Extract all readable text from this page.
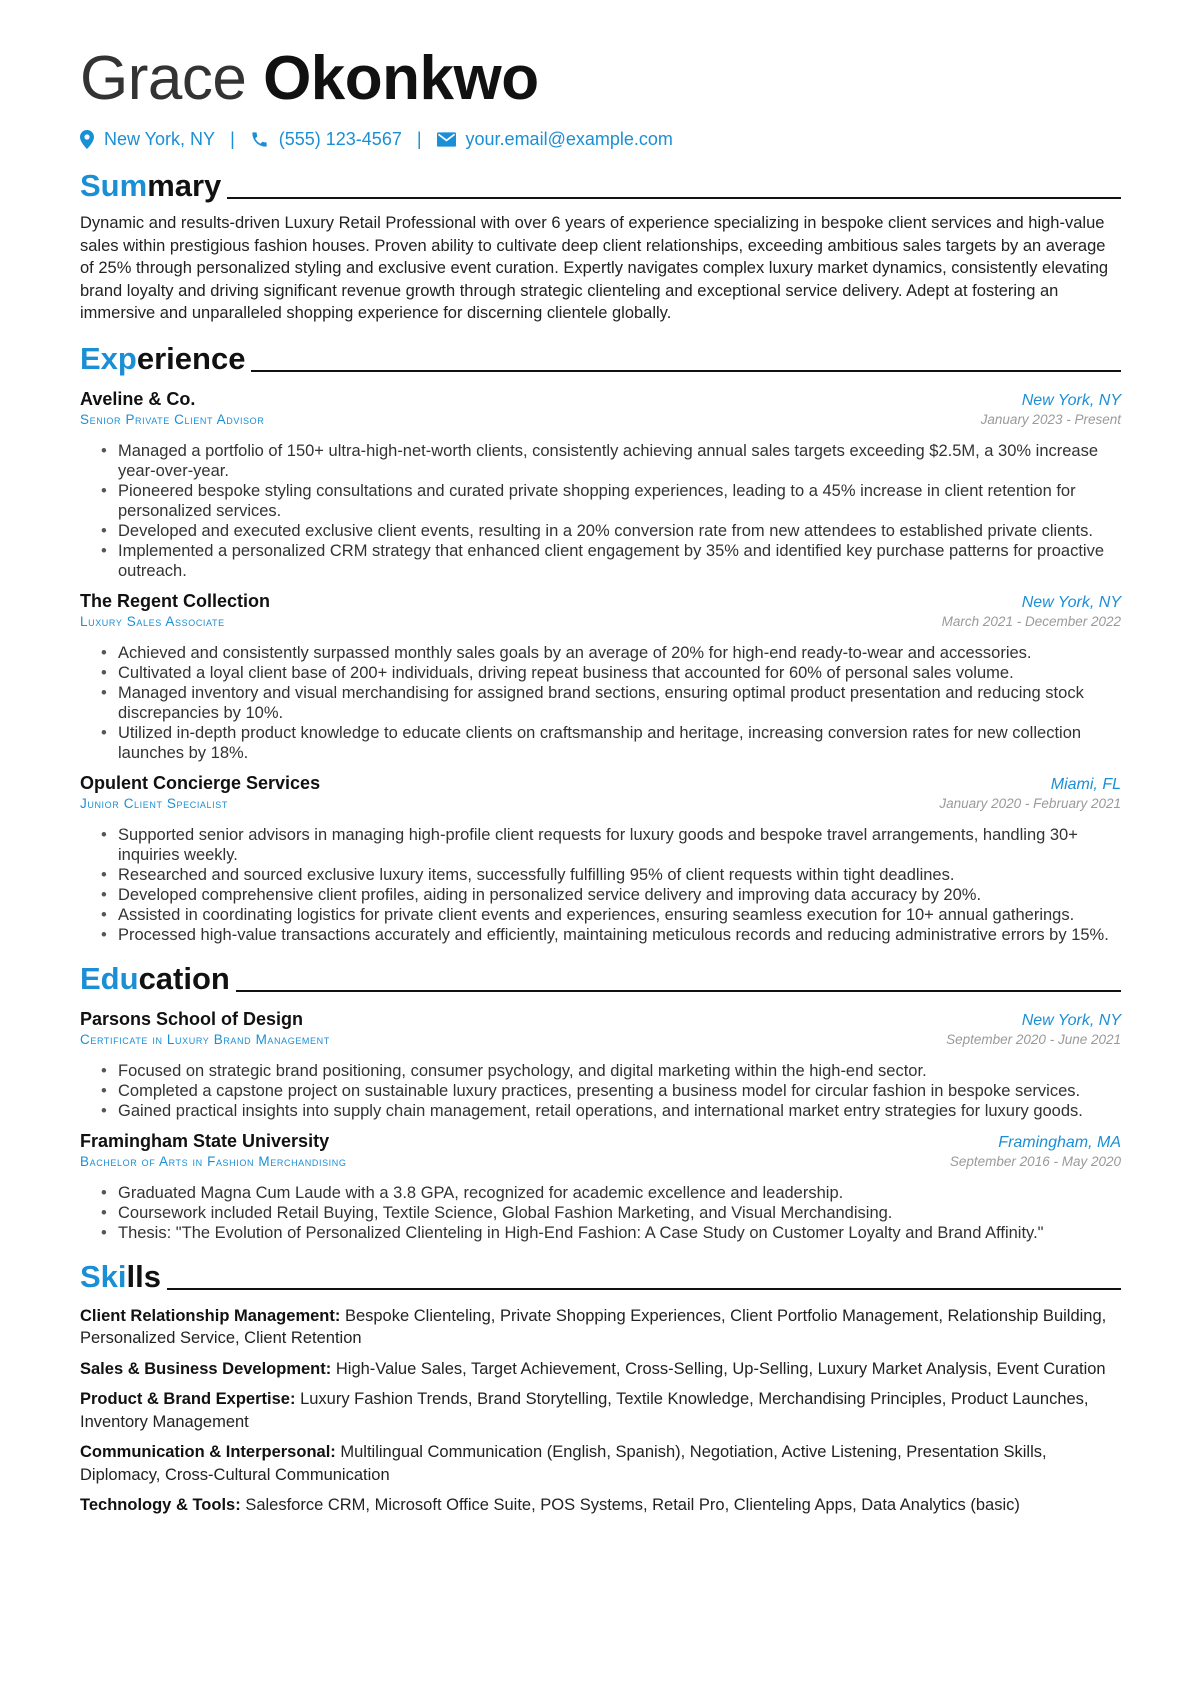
Grace Okonkwo
New York, NY | (555) 123-4567 | your.email@example.com
Summary

Dynamic and results-driven Luxury Retail Professional with over 6 years of experience specializing in bespoke client services and high-value sales within prestigious fashion houses. Proven ability to cultivate deep client relationships, exceeding ambitious sales targets by an average of 25% through personalized styling and exclusive event curation. Expertly navigates complex luxury market dynamics, consistently elevating brand loyalty and driving significant revenue growth through strategic clienteling and exceptional service delivery. Adept at fostering an immersive and unparalleled shopping experience for discerning clientele globally.

Experience
Aveline & Co.	New York, NY
Senior Private Client Advisor	January 2023 - Present
• Managed a portfolio of 150+ ultra-high-net-worth clients, consistently achieving annual sales targets exceeding $2.5M, a 30% increase year-over-year.
• Pioneered bespoke styling consultations and curated private shopping experiences, leading to a 45% increase in client retention for personalized services.
• Developed and executed exclusive client events, resulting in a 20% conversion rate from new attendees to established private clients.
• Implemented a personalized CRM strategy that enhanced client engagement by 35% and identified key purchase patterns for proactive outreach.
The Regent Collection	New York, NY
Luxury Sales Associate	March 2021 - December 2022
• Achieved and consistently surpassed monthly sales goals by an average of 20% for high-end ready-to-wear and accessories.
• Cultivated a loyal client base of 200+ individuals, driving repeat business that accounted for 60% of personal sales volume.
• Managed inventory and visual merchandising for assigned brand sections, ensuring optimal product presentation and reducing stock discrepancies by 10%.
• Utilized in-depth product knowledge to educate clients on craftsmanship and heritage, increasing conversion rates for new collection launches by 18%.
Opulent Concierge Services	Miami, FL
Junior Client Specialist	January 2020 - February 2021
• Supported senior advisors in managing high-profile client requests for luxury goods and bespoke travel arrangements, handling 30+ inquiries weekly.
• Researched and sourced exclusive luxury items, successfully fulfilling 95% of client requests within tight deadlines.
• Developed comprehensive client profiles, aiding in personalized service delivery and improving data accuracy by 20%.
• Assisted in coordinating logistics for private client events and experiences, ensuring seamless execution for 10+ annual gatherings.
• Processed high-value transactions accurately and efficiently, maintaining meticulous records and reducing administrative errors by 15%.
Education
Parsons School of Design	New York, NY
Certificate in Luxury Brand Management	September 2020 - June 2021
• Focused on strategic brand positioning, consumer psychology, and digital marketing within the high-end sector.
• Completed a capstone project on sustainable luxury practices, presenting a business model for circular fashion in bespoke services.
• Gained practical insights into supply chain management, retail operations, and international market entry strategies for luxury goods.
Framingham State University	Framingham, MA
Bachelor of Arts in Fashion Merchandising	September 2016 - May 2020
• Graduated Magna Cum Laude with a 3.8 GPA, recognized for academic excellence and leadership.
• Coursework included Retail Buying, Textile Science, Global Fashion Marketing, and Visual Merchandising.
• Thesis: "The Evolution of Personalized Clienteling in High-End Fashion: A Case Study on Customer Loyalty and Brand Affinity."
Skills

Client Relationship Management: Bespoke Clienteling, Private Shopping Experiences, Client Portfolio Management, Relationship Building, Personalized Service, Client Retention

Sales & Business Development: High-Value Sales, Target Achievement, Cross-Selling, Up-Selling, Luxury Market Analysis, Event Curation

Product & Brand Expertise: Luxury Fashion Trends, Brand Storytelling, Textile Knowledge, Merchandising Principles, Product Launches, Inventory Management

Communication & Interpersonal: Multilingual Communication (English, Spanish), Negotiation, Active Listening, Presentation Skills, Diplomacy, Cross-Cultural Communication

Technology & Tools: Salesforce CRM, Microsoft Office Suite, POS Systems, Retail Pro, Clienteling Apps, Data Analytics (basic)
